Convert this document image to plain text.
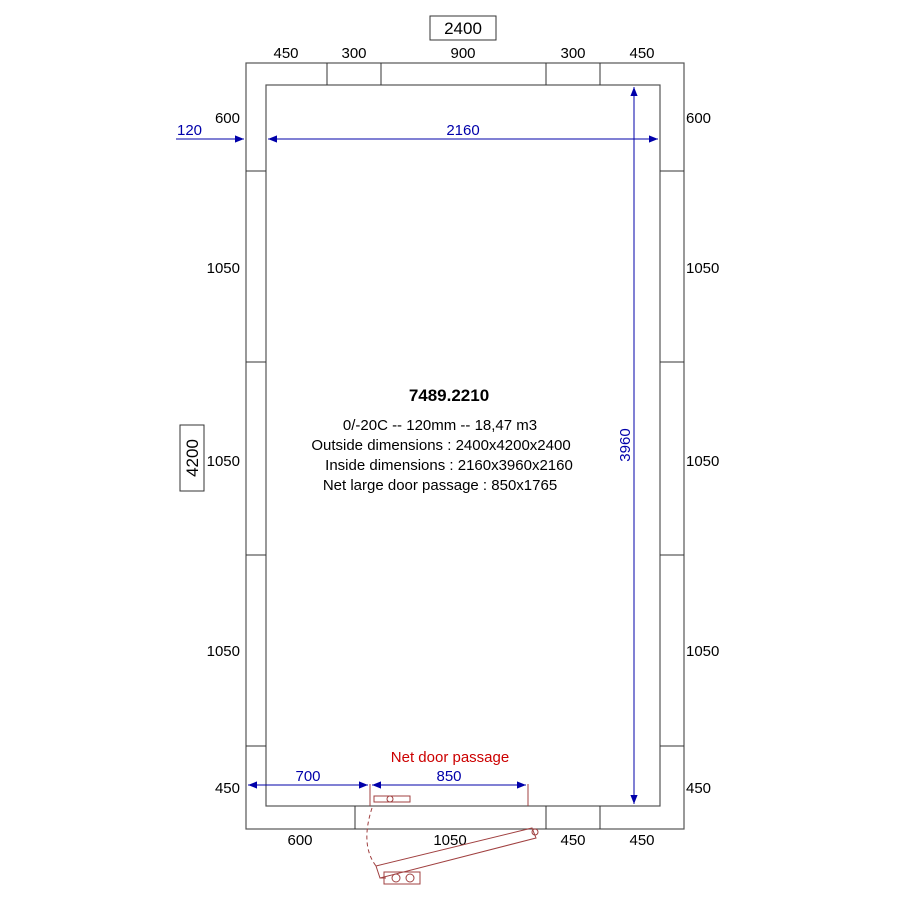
2400
4200
450	300	900	300	450
600	1050	450	450
600
1050
1050
1050
450
600
1050
1050
1050
450
120	2160
3960
700	850
Net door passage
7489.2210
0/-20C -- 120mm -- 18,47 m3
Outside dimensions : 2400x4200x2400
Inside dimensions : 2160x3960x2160
Net large door passage : 850x1765
